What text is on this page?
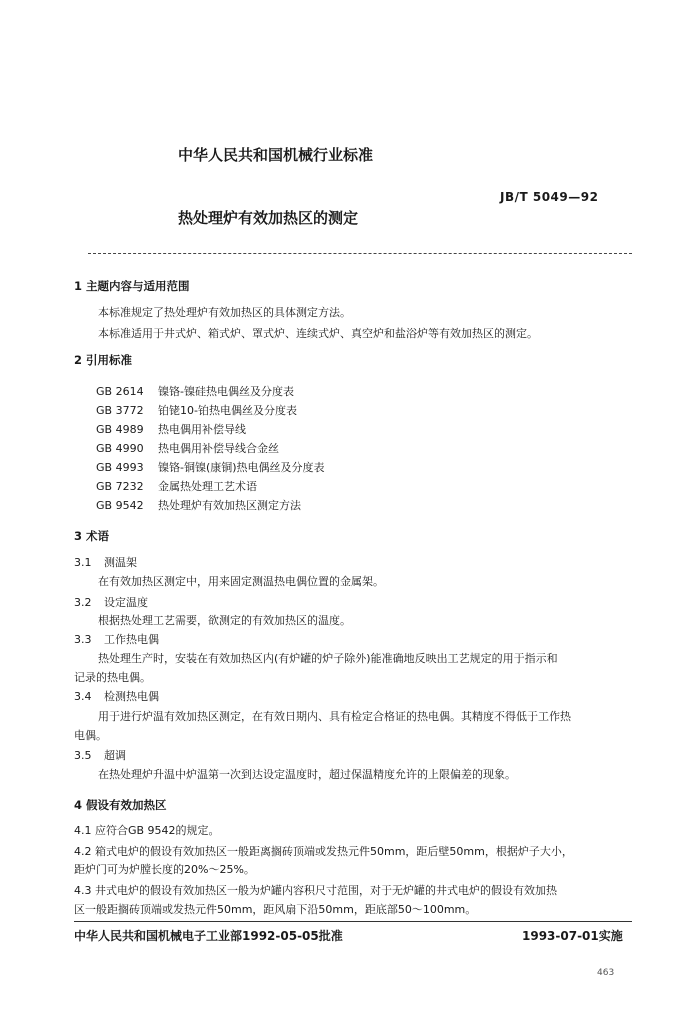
中华人民共和国机械行业标准
JB/T 5049—92
热处理炉有效加热区的测定
1 主题内容与适用范围
本标准规定了热处理炉有效加热区的具体测定方法。
本标准适用于井式炉、箱式炉、罩式炉、连续式炉、真空炉和盐浴炉等有效加热区的测定。
2 引用标准
GB 2614 镍铬-镍硅热电偶丝及分度表
GB 3772 铂铑10-铂热电偶丝及分度表
GB 4989 热电偶用补偿导线
GB 4990 热电偶用补偿导线合金丝
GB 4993 镍铬-铜镍(康铜)热电偶丝及分度表
GB 7232 金属热处理工艺术语
GB 9542 热处理炉有效加热区测定方法
3 术语
3.1 测温架
在有效加热区测定中，用来固定测温热电偶位置的金属架。
3.2 设定温度
根据热处理工艺需要，欲测定的有效加热区的温度。
3.3 工作热电偶
热处理生产时，安装在有效加热区内(有炉罐的炉子除外)能准确地反映出工艺规定的用于指示和
记录的热电偶。
3.4 检测热电偶
用于进行炉温有效加热区测定，在有效日期内、具有检定合格证的热电偶。其精度不得低于工作热
电偶。
3.5 超调
在热处理炉升温中炉温第一次到达设定温度时，超过保温精度允许的上限偏差的现象。
4 假设有效加热区
4.1 应符合GB 9542的规定。
4.2 箱式电炉的假设有效加热区一般距离搁砖顶端或发热元件50mm，距后壁50mm，根据炉子大小，
距炉门可为炉膛长度的20%～25%。
4.3 井式电炉的假设有效加热区一般为炉罐内容积尺寸范围，对于无炉罐的井式电炉的假设有效加热
区一般距搁砖顶端或发热元件50mm，距风扇下沿50mm，距底部50～100mm。
中华人民共和国机械电子工业部1992-05-05批准	1993-07-01实施
463
